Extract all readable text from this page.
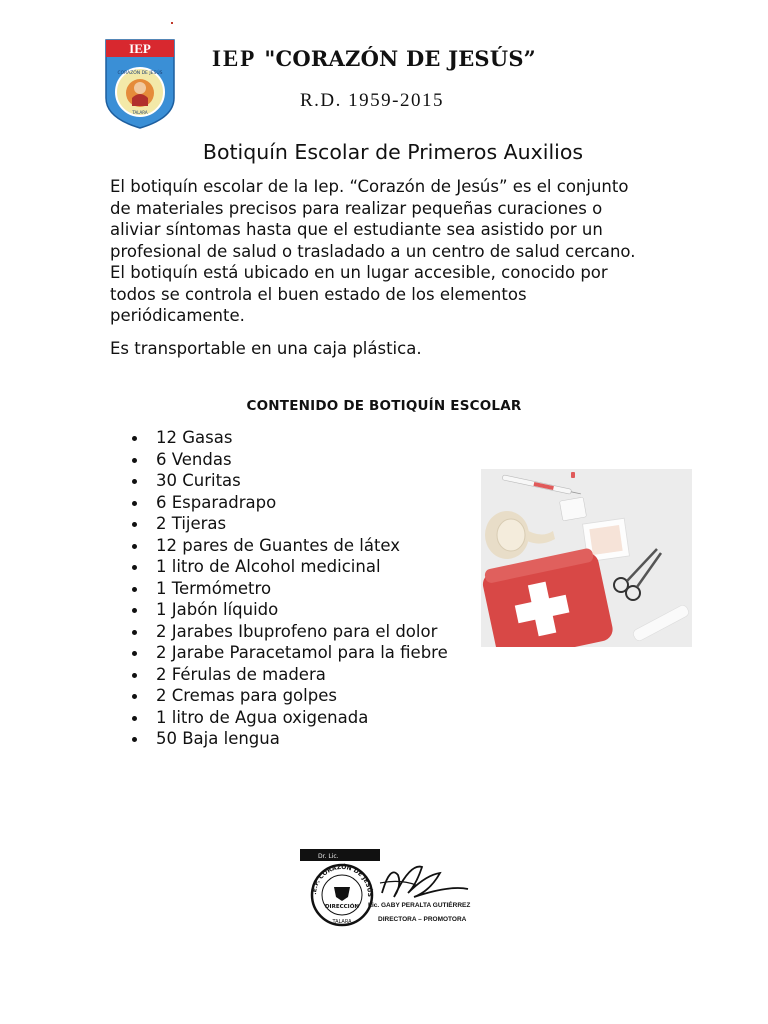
IEP
CORAZÓN DE JESÚS
TALARA
IEP "CORAZÓN DE JESÚS”
R.D. 1959-2015
Botiquín Escolar de Primeros Auxilios

El botiquín escolar de la Iep. “Corazón de Jesús” es el conjunto de materiales precisos para realizar pequeñas curaciones o aliviar síntomas hasta que el estudiante sea asistido por un profesional de salud o trasladado a un centro de salud cercano. El botiquín está ubicado en un lugar accesible, conocido por todos se controla el buen estado de los elementos periódicamente.

Es transportable en una caja plástica.

CONTENIDO DE BOTIQUÍN ESCOLAR
12 Gasas
6 Vendas
30 Curitas
6 Esparadrapo
2 Tijeras
12 pares de Guantes de látex
1 litro de Alcohol medicinal
1 Termómetro
1 Jabón líquido
2 Jarabes Ibuprofeno para el dolor
2 Jarabe Paracetamol para la fiebre
2 Férulas de madera
2 Cremas para golpes
1 litro de Agua oxigenada
50 Baja lengua
Dr. Lic.
.E.P. CORAZÓN DE JESÚS
DIRECCIÓN
TALARA
Lic. GABY PERALTA GUTIÉRREZ
DIRECTORA – PROMOTORA
